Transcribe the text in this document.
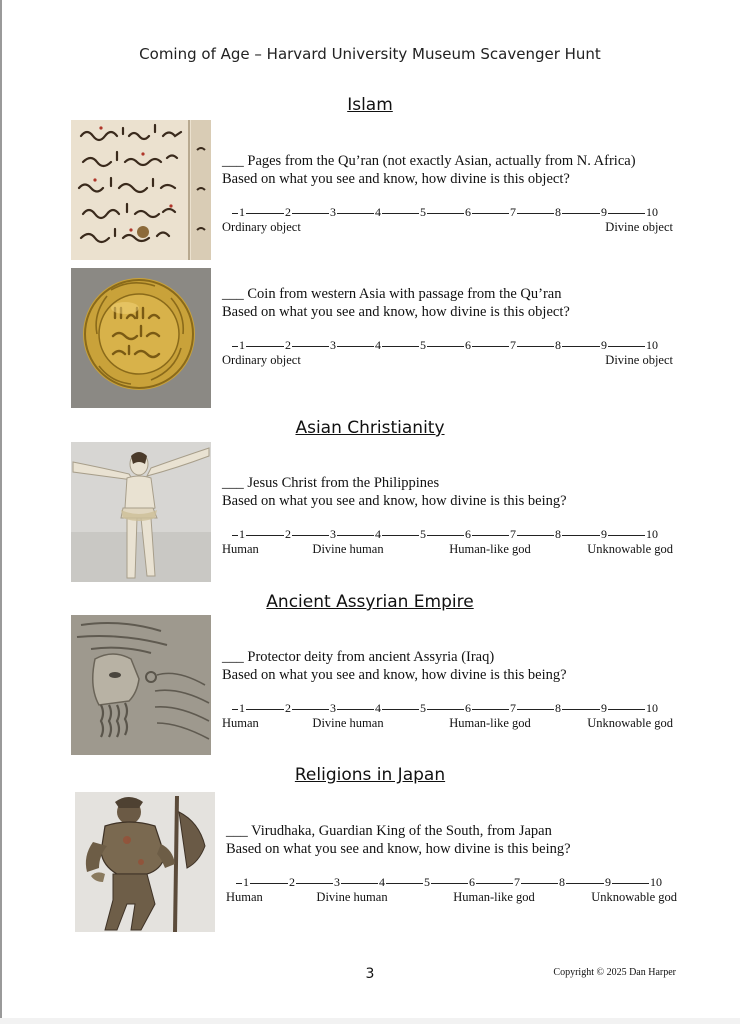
Coming of Age – Harvard University Museum Scavenger Hunt
Islam
___ Pages from the Qu’ran (not exactly Asian, actually from N. Africa)
Based on what you see and know, how divine is this object?
1	2	3	4	5	6	7	8	9	10
Ordinary object	Divine object
___ Coin from western Asia with passage from the Qu’ran
Based on what you see and know, how divine is this object?
1	2	3	4	5	6	7	8	9	10
Ordinary object	Divine object
Asian Christianity
___ Jesus Christ from the Philippines
Based on what you see and know, how divine is this being?
1	2	3	4	5	6	7	8	9	10
Human	Divine human	Human-like god	Unknowable god
Ancient Assyrian Empire
___ Protector deity from ancient Assyria (Iraq)
Based on what you see and know, how divine is this being?
1	2	3	4	5	6	7	8	9	10
Human	Divine human	Human-like god	Unknowable god
Religions in Japan
___ Virudhaka, Guardian King of the South, from Japan
Based on what you see and know, how divine is this being?
1	2	3	4	5	6	7	8	9	10
Human	Divine human	Human-like god	Unknowable god
3	Copyright © 2025 Dan Harper
